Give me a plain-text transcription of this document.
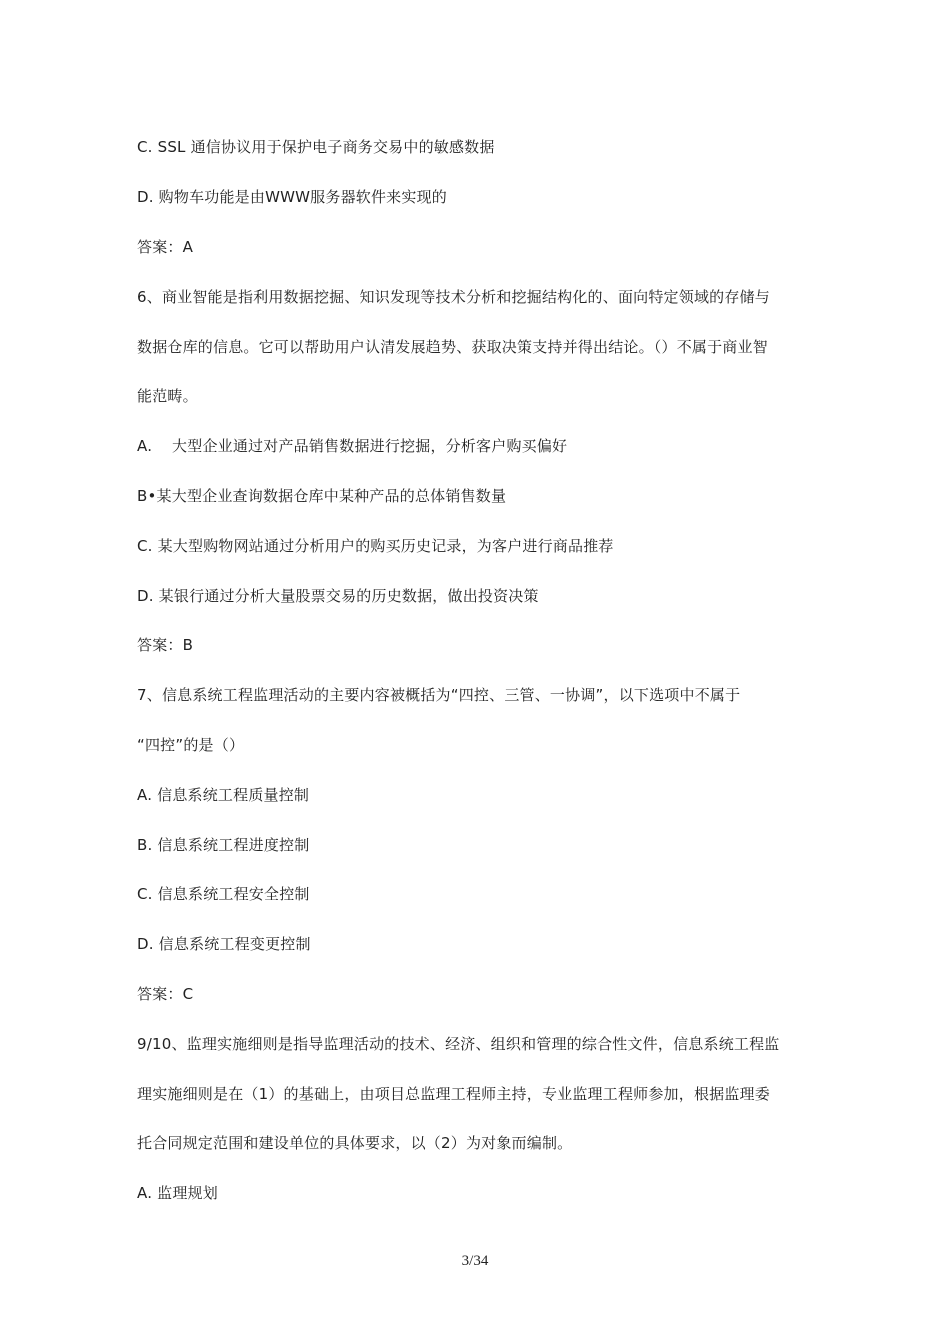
C. SSL 通信协议用于保护电子商务交易中的敏感数据
D. 购物车功能是由WWW服务器软件来实现的
答案：A
6、商业智能是指利用数据挖掘、知识发现等技术分析和挖掘结构化的、面向特定领域的存储与
数据仓库的信息。它可以帮助用户认清发展趋势、获取决策支持并得出结论。（）不属于商业智
能范畴。
A.    大型企业通过对产品销售数据进行挖掘，分析客户购买偏好
B•某大型企业查询数据仓库中某种产品的总体销售数量
C. 某大型购物网站通过分析用户的购买历史记录，为客户进行商品推荐
D. 某银行通过分析大量股票交易的历史数据，做出投资决策
答案：B
7、信息系统工程监理活动的主要内容被概括为“四控、三管、一协调”，以下选项中不属于
“四控”的是（）
A. 信息系统工程质量控制
B. 信息系统工程进度控制
C. 信息系统工程安全控制
D. 信息系统工程变更控制
答案：C
9/10、监理实施细则是指导监理活动的技术、经济、组织和管理的综合性文件，信息系统工程监
理实施细则是在（1）的基础上，由项目总监理工程师主持，专业监理工程师参加，根据监理委
托合同规定范围和建设单位的具体要求，以（2）为对象而编制。
A. 监理规划
3/34
